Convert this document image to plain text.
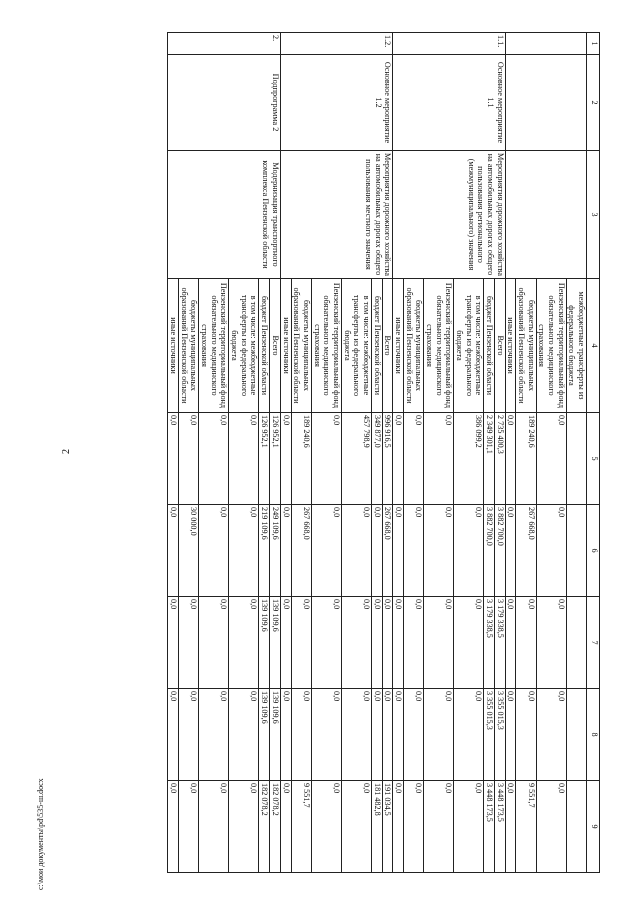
2
1	2	3	4	5	6	7	8	9
			межбюджетные трансферты из федерального бюджета					
			Пензенский территориальный фонд обязательного медицинского страхования	0,0	0,0	0,0	0,0	0,0
			бюджеты муниципальных образований Пензенской области	189 240,6	267 668,0	0,0	0,0	9 551,7
			иные источники	0,0	0,0	0,0	0,0	0,0
1.1.	Основное мероприятие 1.1	Мероприятия дорожного хозяйства на автомобильных дорогах общего пользования регионального (межмуниципального) значения	Всего	2 735 400,3	3 882 700,0	3 179 338,5	3 355 015,3	3 448 173,5
			бюджет Пензенской области	2 349 301,1	3 882 700,0	3 179 338,5	3 355 015,3	3 448 173,5
			в том числе: межбюджетные трансферты из федерального бюджета	386 099,2	0,0	0,0	0,0	0,0
			Пензенский территориальный фонд обязательного медицинского страхования	0,0	0,0	0,0	0,0	0,0
			бюджеты муниципальных образований Пензенской области	0,0	0,0	0,0	0,0	0,0
			иные источники	0,0	0,0	0,0	0,0	0,0
1.2.	Основное мероприятие 1.2	Мероприятия дорожного хозяйства на автомобильных дорогах общего пользования местного значения	Всего	996 916,5	267 668,0	0,0	0,0	191 034,5
			бюджет Пензенской области	349 877,0	0,0	0,0	0,0	181 482,8
			в том числе: межбюджетные трансферты из федерального бюджета	457 798,9	0,0	0,0	0,0	0,0
			Пензенский территориальный фонд обязательного медицинского страхования	0,0	0,0	0,0	0,0	0,0
			бюджеты муниципальных образований Пензенской области	189 240,6	267 668,0	0,0	0,0	9 551,7
			иные источники	0,0	0,0	0,0	0,0	0,0
2.	Подпрограмма 2	Модернизация транспортного комплекса Пензенской области	Всего	126 952,1	249 109,6	139 109,6	139 109,6	182 078,2
			бюджет Пензенской области	126 952,1	219 109,6	139 109,6	139 109,6	182 078,2
			в том числе: межбюджетные трансферты из федерального бюджета	0,0	0,0	0,0	0,0	0,0
			Пензенский территориальный фонд обязательного медицинского страхования	0,0	0,0	0,0	0,0	0,0
			бюджеты муниципальных образований Пензенской области	0,0	30 000,0	0,0	0,0	0,0
			иные источники	0,0	0,0	0,0	0,0	0,0
c:\мои документы\pd\535-ш.docx
